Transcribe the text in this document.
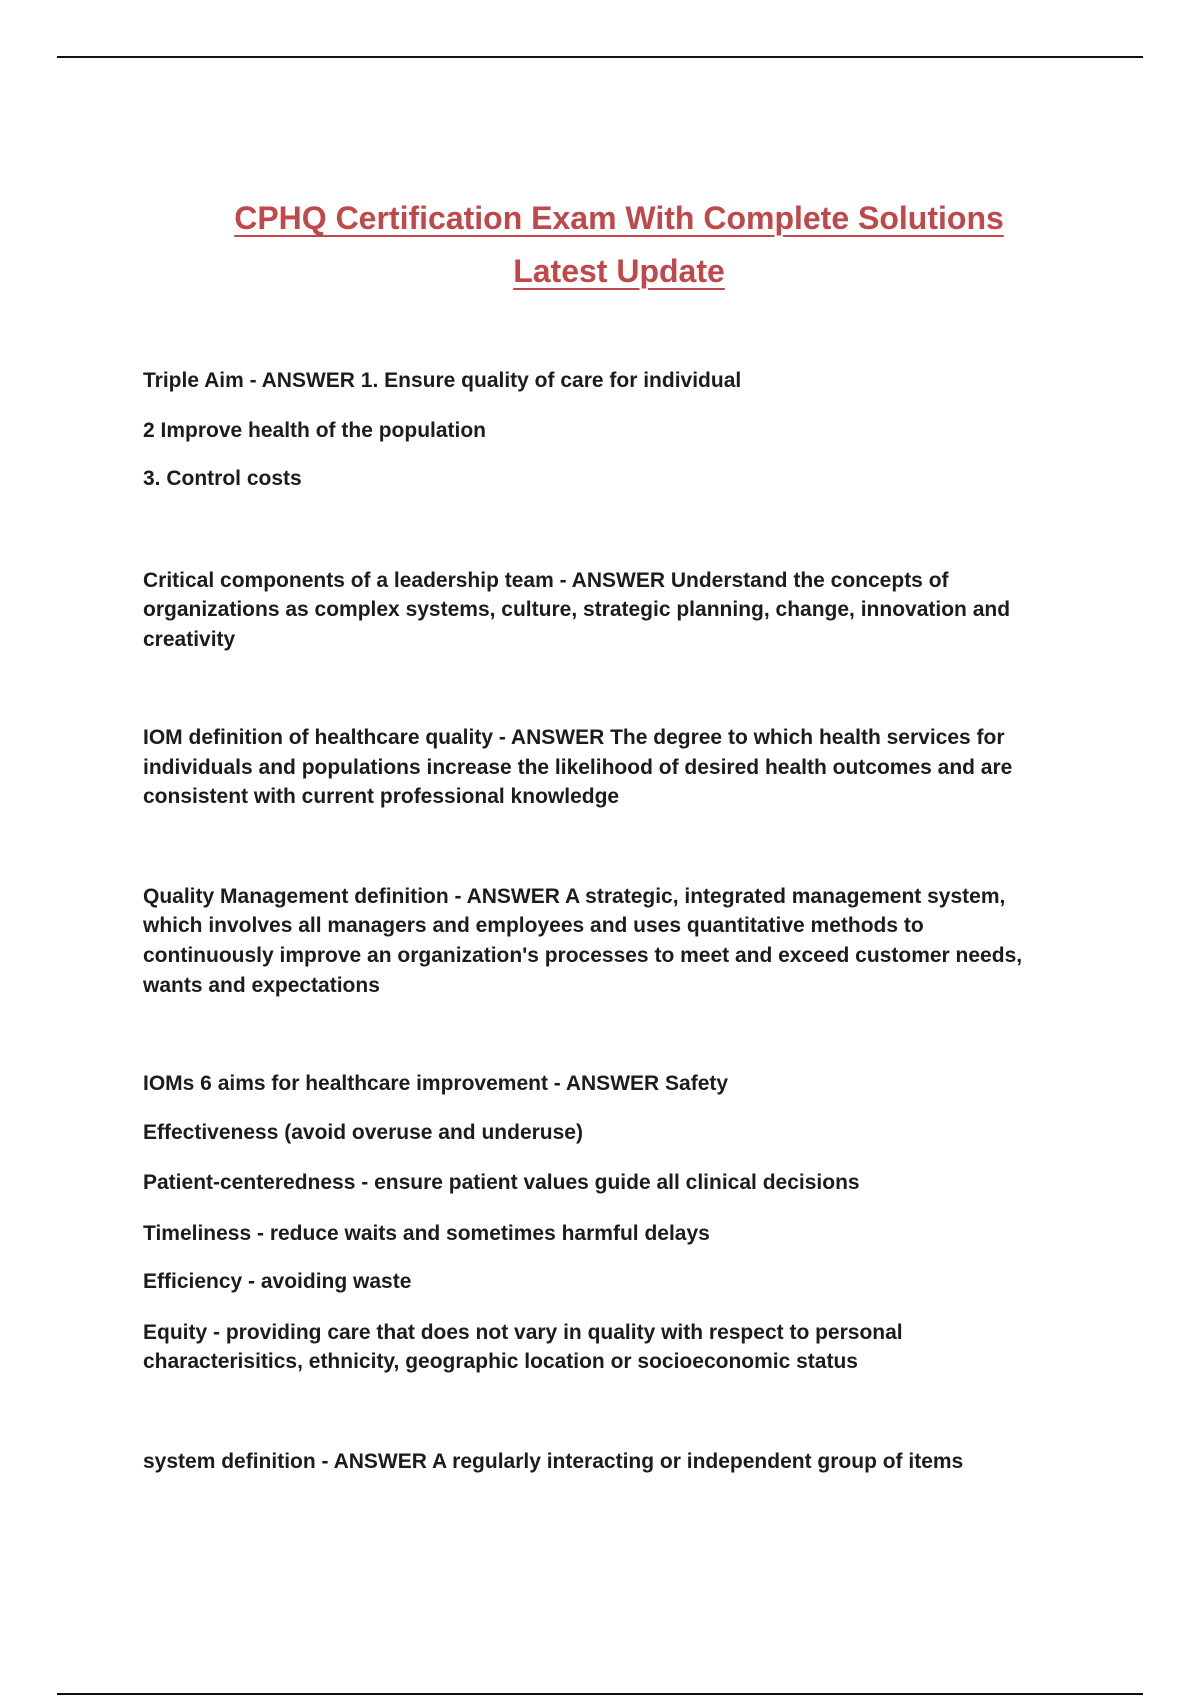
CPHQ Certification Exam With Complete Solutions
Latest Update

Triple Aim - ANSWER 1. Ensure quality of care for individual

2 Improve health of the population

3. Control costs

Critical components of a leadership team - ANSWER Understand the concepts of

organizations as complex systems, culture, strategic planning, change, innovation and

creativity

IOM definition of healthcare quality - ANSWER The degree to which health services for

individuals and populations increase the likelihood of desired health outcomes and are

consistent with current professional knowledge

Quality Management definition - ANSWER A strategic, integrated management system,

which involves all managers and employees and uses quantitative methods to

continuously improve an organization's processes to meet and exceed customer needs,

wants and expectations

IOMs 6 aims for healthcare improvement - ANSWER Safety

Effectiveness (avoid overuse and underuse)

Patient-centeredness - ensure patient values guide all clinical decisions

Timeliness - reduce waits and sometimes harmful delays

Efficiency - avoiding waste

Equity - providing care that does not vary in quality with respect to personal

characterisitics, ethnicity, geographic location or socioeconomic status

system definition - ANSWER A regularly interacting or independent group of items
